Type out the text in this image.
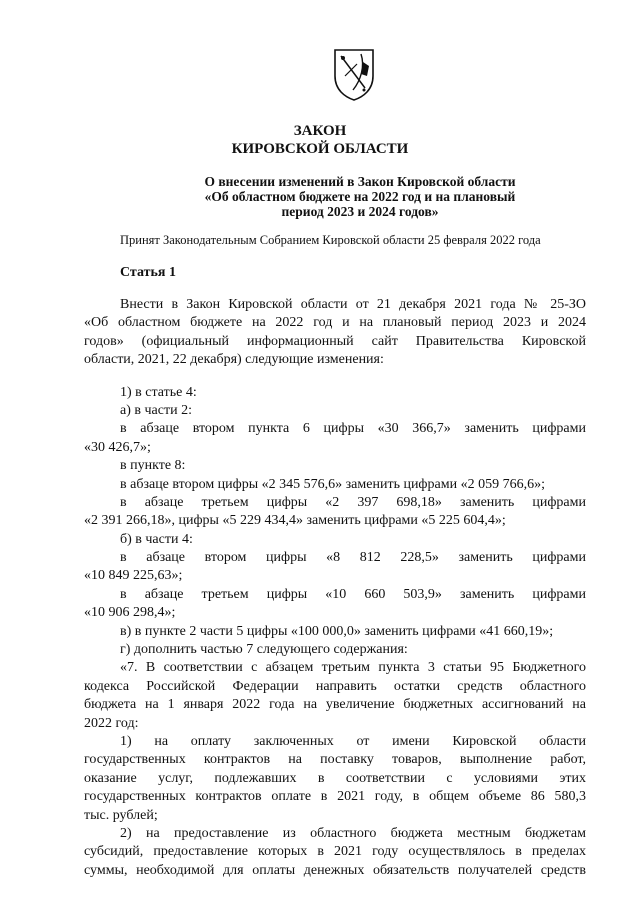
ЗАКОН
КИРОВСКОЙ ОБЛАСТИ
О внесении изменений в Закон Кировской области
«Об областном бюджете на 2022 год и на плановый
период 2023 и 2024 годов»
Принят Законодательным Собранием Кировской области 25 февраля 2022 года
Статья 1
Внести в Закон Кировской области от 21 декабря 2021 года № 25-ЗО
«Об областном бюджете на 2022 год и на плановый период 2023 и 2024
годов» (официальный информационный сайт Правительства Кировской
области, 2021, 22 декабря) следующие изменения:
1) в статье 4:
а) в части 2:
в абзаце втором пункта 6 цифры «30 366,7» заменить цифрами
«30 426,7»;
в пункте 8:
в абзаце втором цифры «2 345 576,6» заменить цифрами «2 059 766,6»;
в абзаце третьем цифры «2 397 698,18» заменить цифрами
«2 391 266,18», цифры «5 229 434,4» заменить цифрами «5 225 604,4»;
б) в части 4:
в абзаце втором цифры «8 812 228,5» заменить цифрами
«10 849 225,63»;
в абзаце третьем цифры «10 660 503,9» заменить цифрами
«10 906 298,4»;
в) в пункте 2 части 5 цифры «100 000,0» заменить цифрами «41 660,19»;
г) дополнить частью 7 следующего содержания:
«7. В соответствии с абзацем третьим пункта 3 статьи 95 Бюджетного
кодекса Российской Федерации направить остатки средств областного
бюджета на 1 января 2022 года на увеличение бюджетных ассигнований на
2022 год:
1) на оплату заключенных от имени Кировской области
государственных контрактов на поставку товаров, выполнение работ,
оказание услуг, подлежавших в соответствии с условиями этих
государственных контрактов оплате в 2021 году, в общем объеме 86 580,3
тыс. рублей;
2) на предоставление из областного бюджета местным бюджетам
субсидий, предоставление которых в 2021 году осуществлялось в пределах
суммы, необходимой для оплаты денежных обязательств получателей средств
